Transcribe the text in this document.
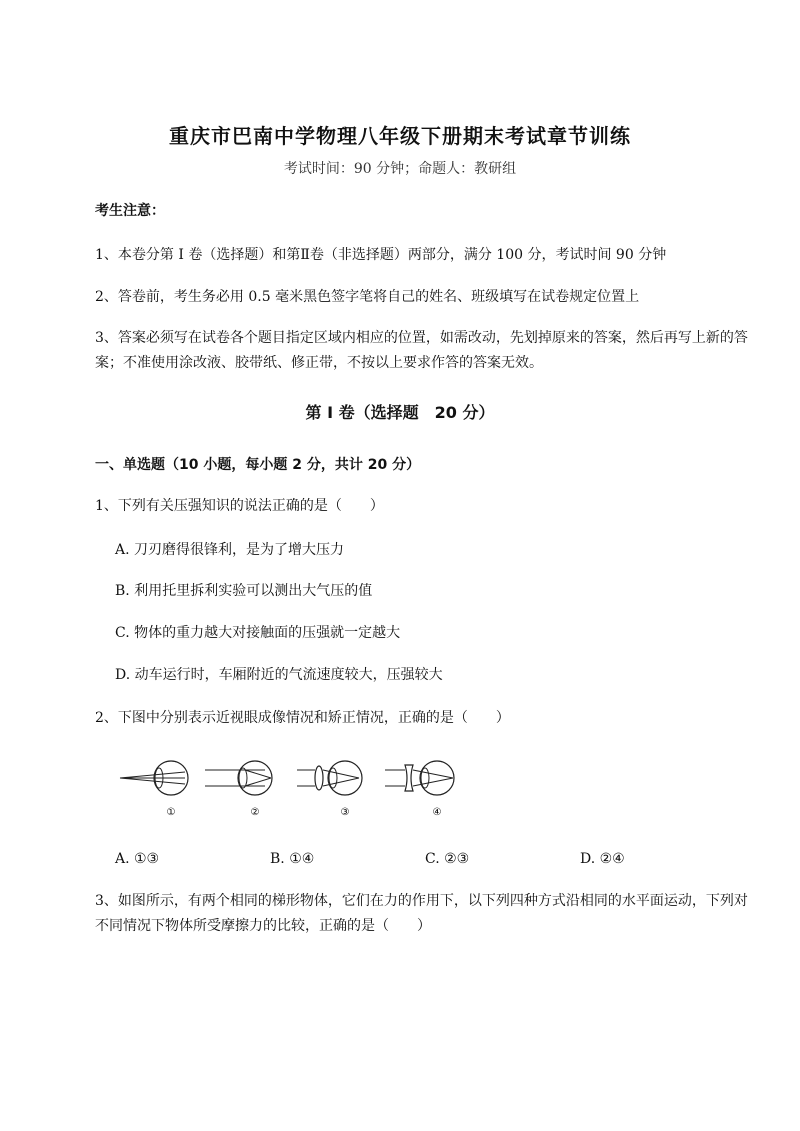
重庆市巴南中学物理八年级下册期末考试章节训练
考试时间：90 分钟；命题人：教研组
考生注意：
1、本卷分第 I 卷（选择题）和第Ⅱ卷（非选择题）两部分，满分 100 分，考试时间 90 分钟
2、答卷前，考生务必用 0.5 毫米黑色签字笔将自己的姓名、班级填写在试卷规定位置上
3、答案必须写在试卷各个题目指定区域内相应的位置，如需改动，先划掉原来的答案，然后再写上新的答案；不准使用涂改液、胶带纸、修正带，不按以上要求作答的答案无效。
第 I 卷（选择题　20 分）
一、单选题（10 小题，每小题 2 分，共计 20 分）
1、下列有关压强知识的说法正确的是（　　）
A. 刀刃磨得很锋利，是为了增大压力
B. 利用托里拆利实验可以测出大气压的值
C. 物体的重力越大对接触面的压强就一定越大
D. 动车运行时，车厢附近的气流速度较大，压强较大
2、下图中分别表示近视眼成像情况和矫正情况，正确的是（　　）
①	②	③	④
A. ①③	B. ①④	C. ②③	D. ②④
3、如图所示，有两个相同的梯形物体，它们在力的作用下，以下列四种方式沿相同的水平面运动，下列对不同情况下物体所受摩擦力的比较，正确的是（　　）
